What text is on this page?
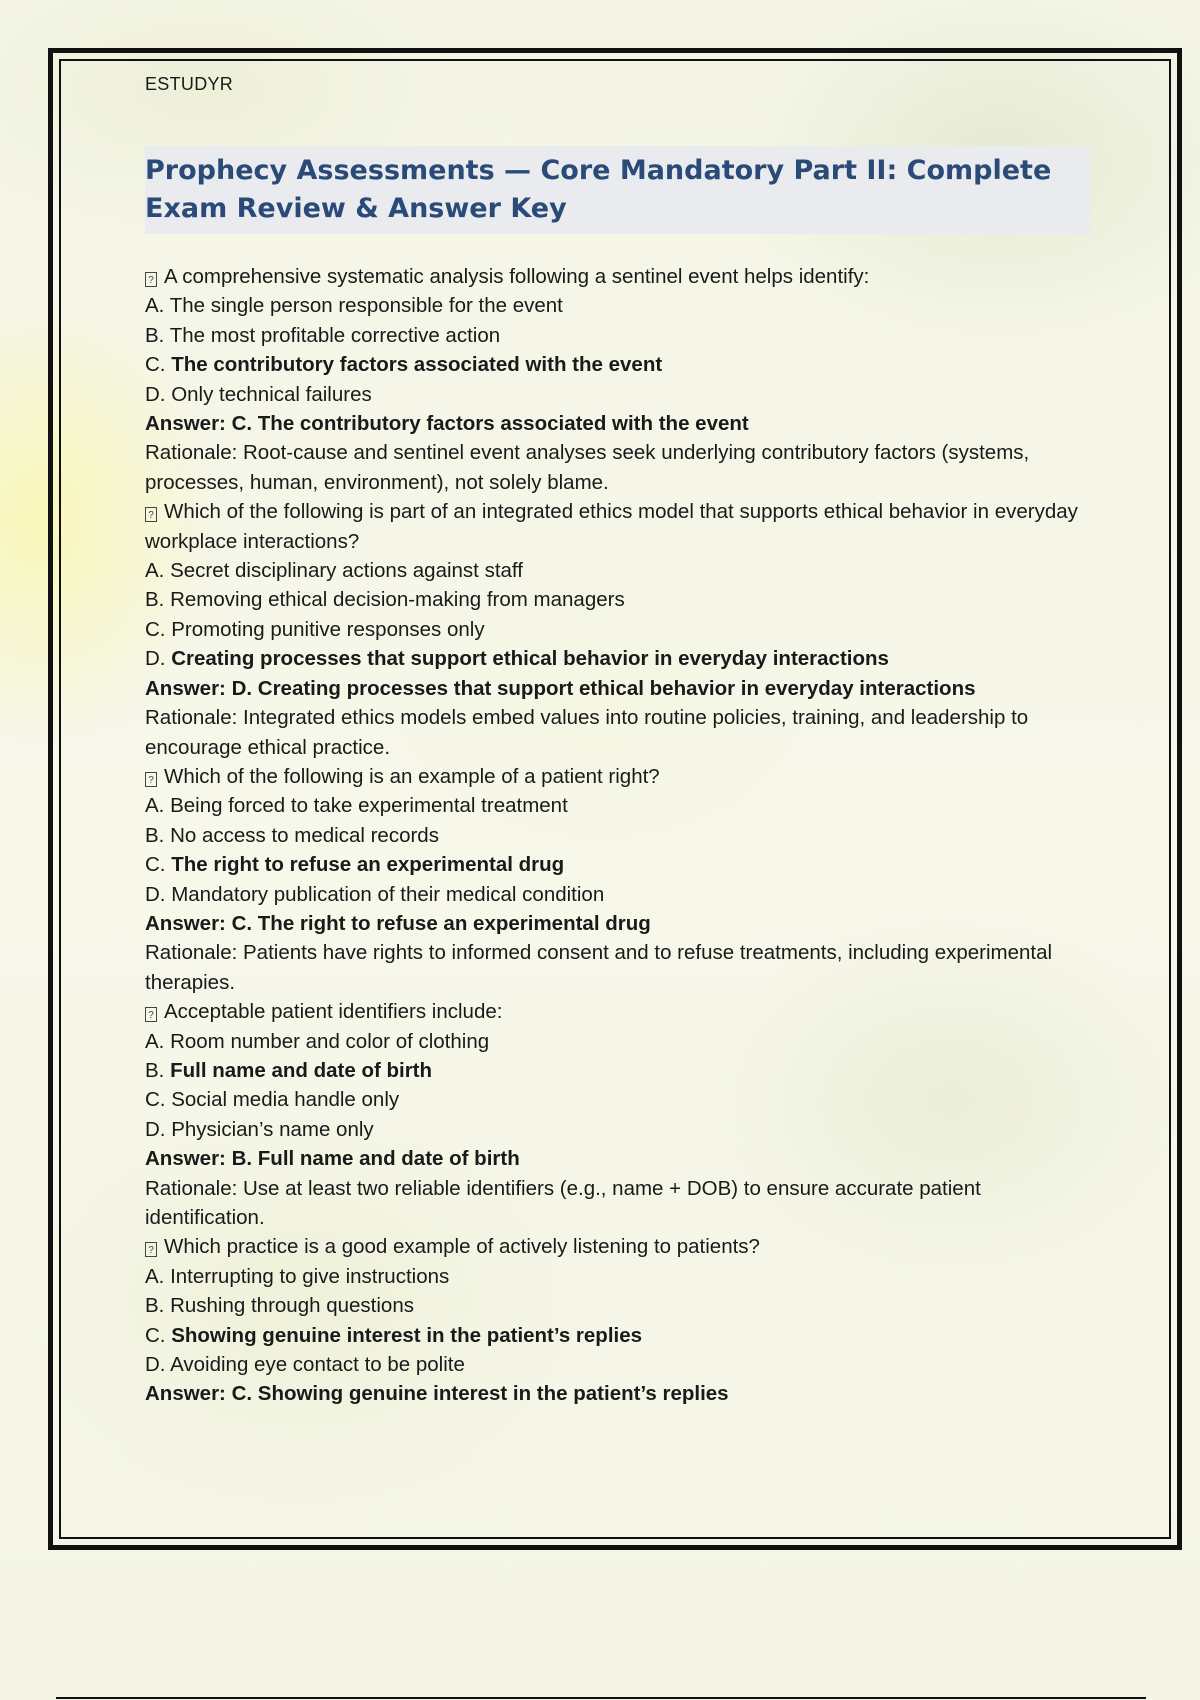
ESTUDYR
Prophecy Assessments — Core Mandatory Part II: Complete Exam Review & Answer Key

? A comprehensive systematic analysis following a sentinel event helps identify:

A. The single person responsible for the event

B. The most profitable corrective action

C. The contributory factors associated with the event

D. Only technical failures

Answer: C. The contributory factors associated with the event

Rationale: Root-cause and sentinel event analyses seek underlying contributory factors (systems, processes, human, environment), not solely blame.

? Which of the following is part of an integrated ethics model that supports ethical behavior in everyday workplace interactions?

A. Secret disciplinary actions against staff

B. Removing ethical decision-making from managers

C. Promoting punitive responses only

D. Creating processes that support ethical behavior in everyday interactions

Answer: D. Creating processes that support ethical behavior in everyday interactions

Rationale: Integrated ethics models embed values into routine policies, training, and leadership to encourage ethical practice.

? Which of the following is an example of a patient right?

A. Being forced to take experimental treatment

B. No access to medical records

C. The right to refuse an experimental drug

D. Mandatory publication of their medical condition

Answer: C. The right to refuse an experimental drug

Rationale: Patients have rights to informed consent and to refuse treatments, including experimental therapies.

? Acceptable patient identifiers include:

A. Room number and color of clothing

B. Full name and date of birth

C. Social media handle only

D. Physician’s name only

Answer: B. Full name and date of birth

Rationale: Use at least two reliable identifiers (e.g., name + DOB) to ensure accurate patient identification.

? Which practice is a good example of actively listening to patients?

A. Interrupting to give instructions

B. Rushing through questions

C. Showing genuine interest in the patient’s replies

D. Avoiding eye contact to be polite

Answer: C. Showing genuine interest in the patient’s replies
